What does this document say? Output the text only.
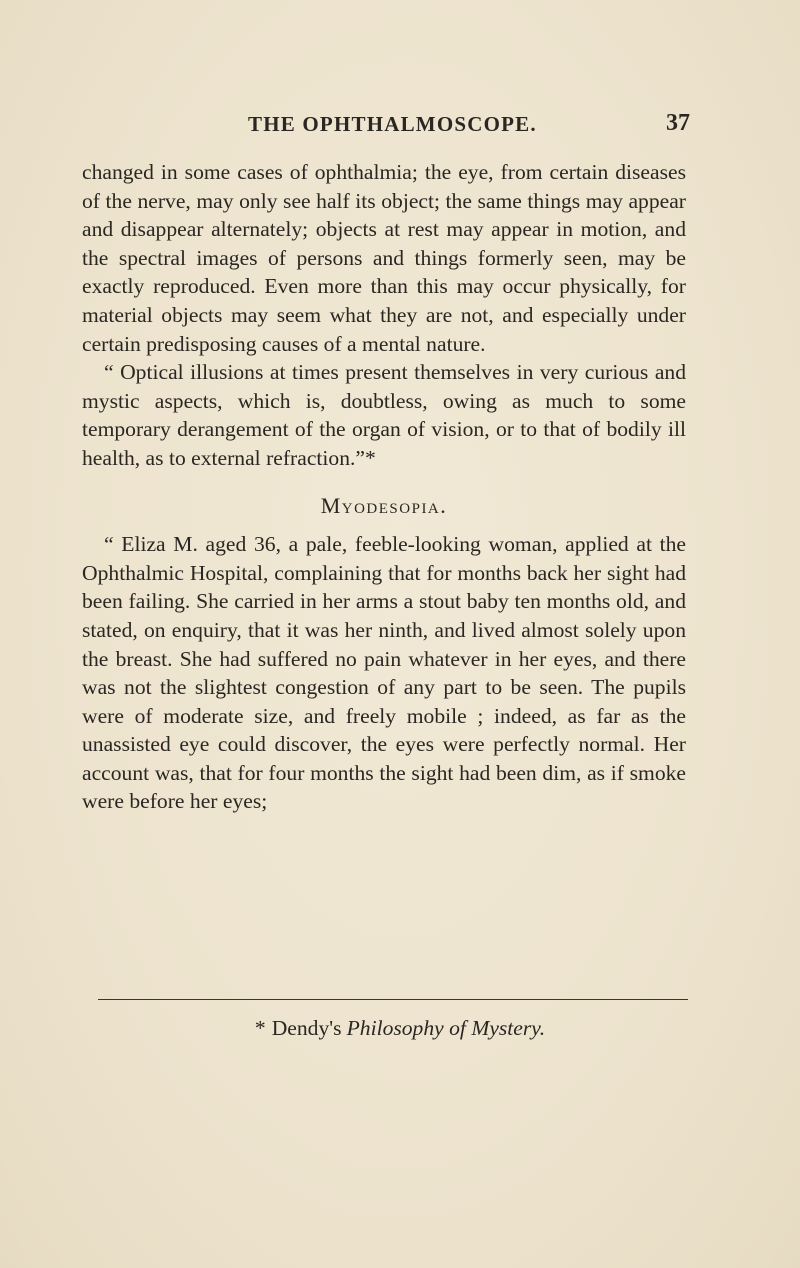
THE OPHTHALMOSCOPE.	37

changed in some cases of ophthalmia; the eye, from certain diseases of the nerve, may only see half its object; the same things may appear and disappear alternately; objects at rest may appear in motion, and the spectral images of persons and things formerly seen, may be exactly reproduced. Even more than this may occur physically, for material objects may seem what they are not, and especially under certain predisposing causes of a mental nature.

“ Optical illusions at times present themselves in very curious and mystic aspects, which is, doubtless, owing as much to some temporary derangement of the organ of vision, or to that of bodily ill health, as to external refraction.”*

Myodesopia.

“ Eliza M. aged 36, a pale, feeble-looking woman, applied at the Ophthalmic Hospital, complaining that for months back her sight had been failing. She carried in her arms a stout baby ten months old, and stated, on enquiry, that it was her ninth, and lived almost solely upon the breast. She had suffered no pain whatever in her eyes, and there was not the slightest congestion of any part to be seen. The pupils were of moderate size, and freely mobile ; indeed, as far as the unassisted eye could discover, the eyes were perfectly normal. Her account was, that for four months the sight had been dim, as if smoke were before her eyes;

* Dendy's Philosophy of Mystery.
